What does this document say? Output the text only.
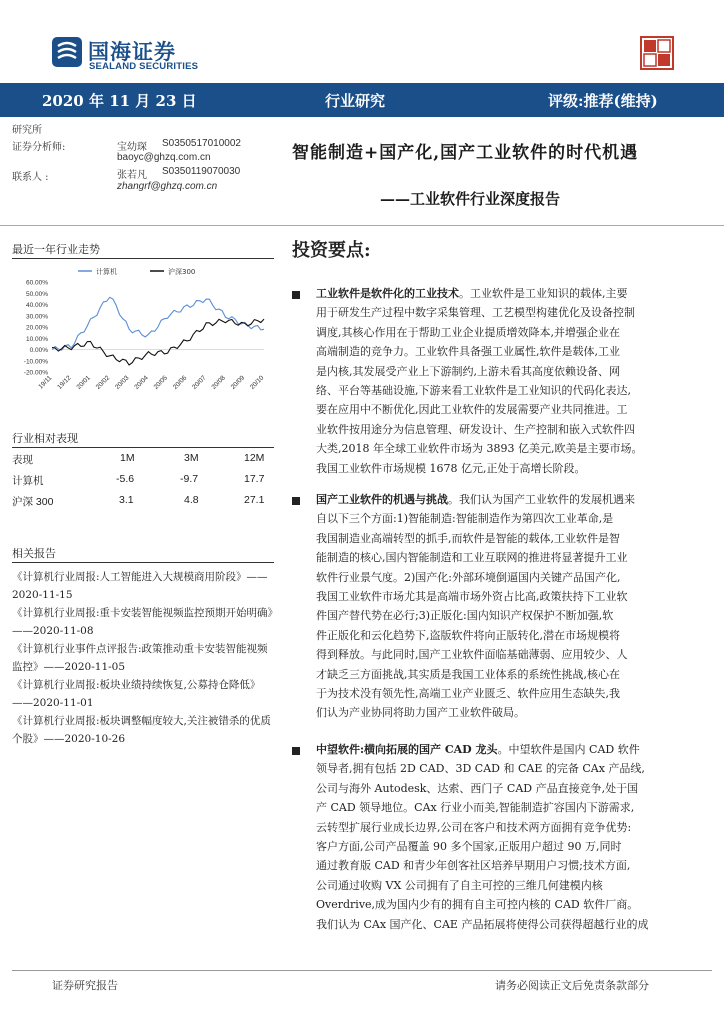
国海证券
SEALAND SECURITIES
2020 年 11 月 23 日	行业研究	评级:推荐(维持)
研究所
证券分析师:	宝幼琛 S0350517010002
baoyc@ghzq.com.cn
联系人 :	张若凡 S0350119070030
zhangrf@ghzq.com.cn
智能制造+国产化,国产工业软件的时代机遇
——工业软件行业深度报告
最近一年行业走势
计算机	沪深300
60.00%
50.00%
40.00%
30.00%
20.00%
10.00%
0.00%
-10.00%
-20.00%
19/11 19/12 20/01 20/02 20/03 20/04 20/05 20/06 20/07 20/08 20/09 20/10
行业相对表现
表现	1M	3M	12M
计算机	-5.6	-9.7	17.7
沪深 300	3.1	4.8	27.1
相关报告
《计算机行业周报:人工智能进入大规模商用阶段》——2020-11-15
《计算机行业周报:重卡安装智能视频监控预期开始明确》——2020-11-08
《计算机行业事件点评报告:政策推动重卡安装智能视频监控》——2020-11-05
《计算机行业周报:板块业绩持续恢复,公募持仓降低》——2020-11-01
《计算机行业周报:板块调整幅度较大,关注被错杀的优质个股》——2020-10-26
投资要点:
工业软件是软件化的工业技术。工业软件是工业知识的载体,主要
用于研发生产过程中数字采集管理、工艺模型构建优化及设备控制
调度,其核心作用在于帮助工业企业提质增效降本,并增强企业在
高端制造的竞争力。工业软件具备强工业属性,软件是载体,工业
是内核,其发展受产业上下游制约,上游未看其高度依赖设备、网
络、平台等基础设施,下游来看工业软件是工业知识的代码化表达,
要在应用中不断优化,因此工业软件的发展需要产业共同推进。工
业软件按用途分为信息管理、研发设计、生产控制和嵌入式软件四
大类,2018 年全球工业软件市场为 3893 亿美元,欧美是主要市场。
我国工业软件市场规模 1678 亿元,正处于高增长阶段。
国产工业软件的机遇与挑战。我们认为国产工业软件的发展机遇来
自以下三个方面:1)智能制造:智能制造作为第四次工业革命,是
我国制造业高端转型的抓手,而软件是智能的载体,工业软件是智
能制造的核心,国内智能制造和工业互联网的推进将显著提升工业
软件行业景气度。2)国产化:外部环境倒逼国内关键产品国产化,
我国工业软件市场尤其是高端市场外资占比高,政策扶持下工业软
件国产替代势在必行;3)正版化:国内知识产权保护不断加强,软
件正版化和云化趋势下,盗版软件将向正版转化,潜在市场规模将
得到释放。与此同时,国产工业软件面临基础薄弱、应用较少、人
才缺乏三方面挑战,其实质是我国工业体系的系统性挑战,核心在
于为技术没有领先性,高端工业产业匮乏、软件应用生态缺失,我
们认为产业协同将助力国产工业软件破局。
中望软件:横向拓展的国产 CAD 龙头。中望软件是国内 CAD 软件
领导者,拥有包括 2D CAD、3D CAD 和 CAE 的完备 CAx 产品线,
公司与海外 Autodesk、达索、西门子 CAD 产品直接竞争,处于国
产 CAD 领导地位。CAx 行业小而美,智能制造扩容国内下游需求,
云转型扩展行业成长边界,公司在客户和技术两方面拥有竞争优势:
客户方面,公司产品覆盖 90 多个国家,正版用户超过 90 万,同时
通过教育版 CAD 和青少年创客社区培养早期用户习惯;技术方面,
公司通过收购 VX 公司拥有了自主可控的三维几何建模内核
Overdrive,成为国内少有的拥有自主可控内核的 CAD 软件厂商。
我们认为 CAx 国产化、CAE 产品拓展将使得公司获得超越行业的成
证券研究报告	请务必阅读正文后免责条款部分
